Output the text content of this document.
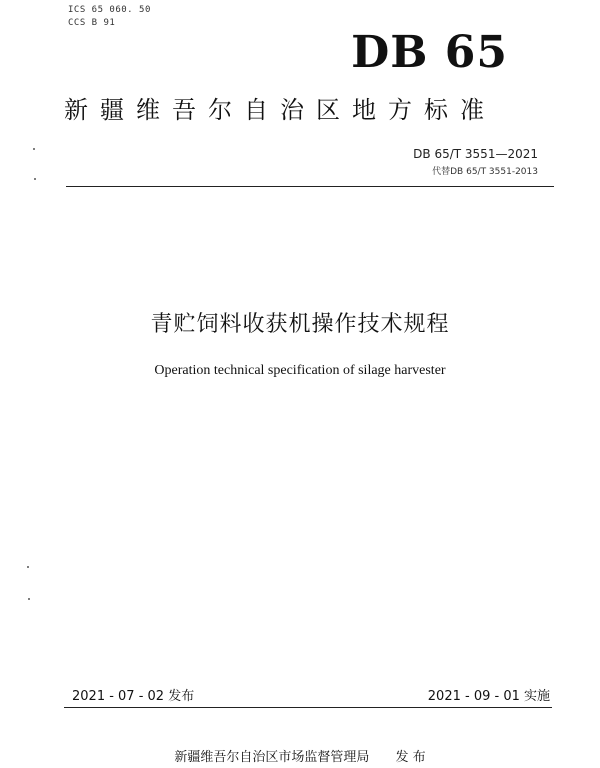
ICS 65 060. 50
CCS B 91
DB 65
新疆维吾尔自治区地方标准
DB 65/T 3551—2021
代替DB 65/T 3551-2013
青贮饲料收获机操作技术规程
Operation technical specification of silage harvester
2021 - 07 - 02 发布	2021 - 09 - 01 实施
新疆维吾尔自治区市场监督管理局 发 布
